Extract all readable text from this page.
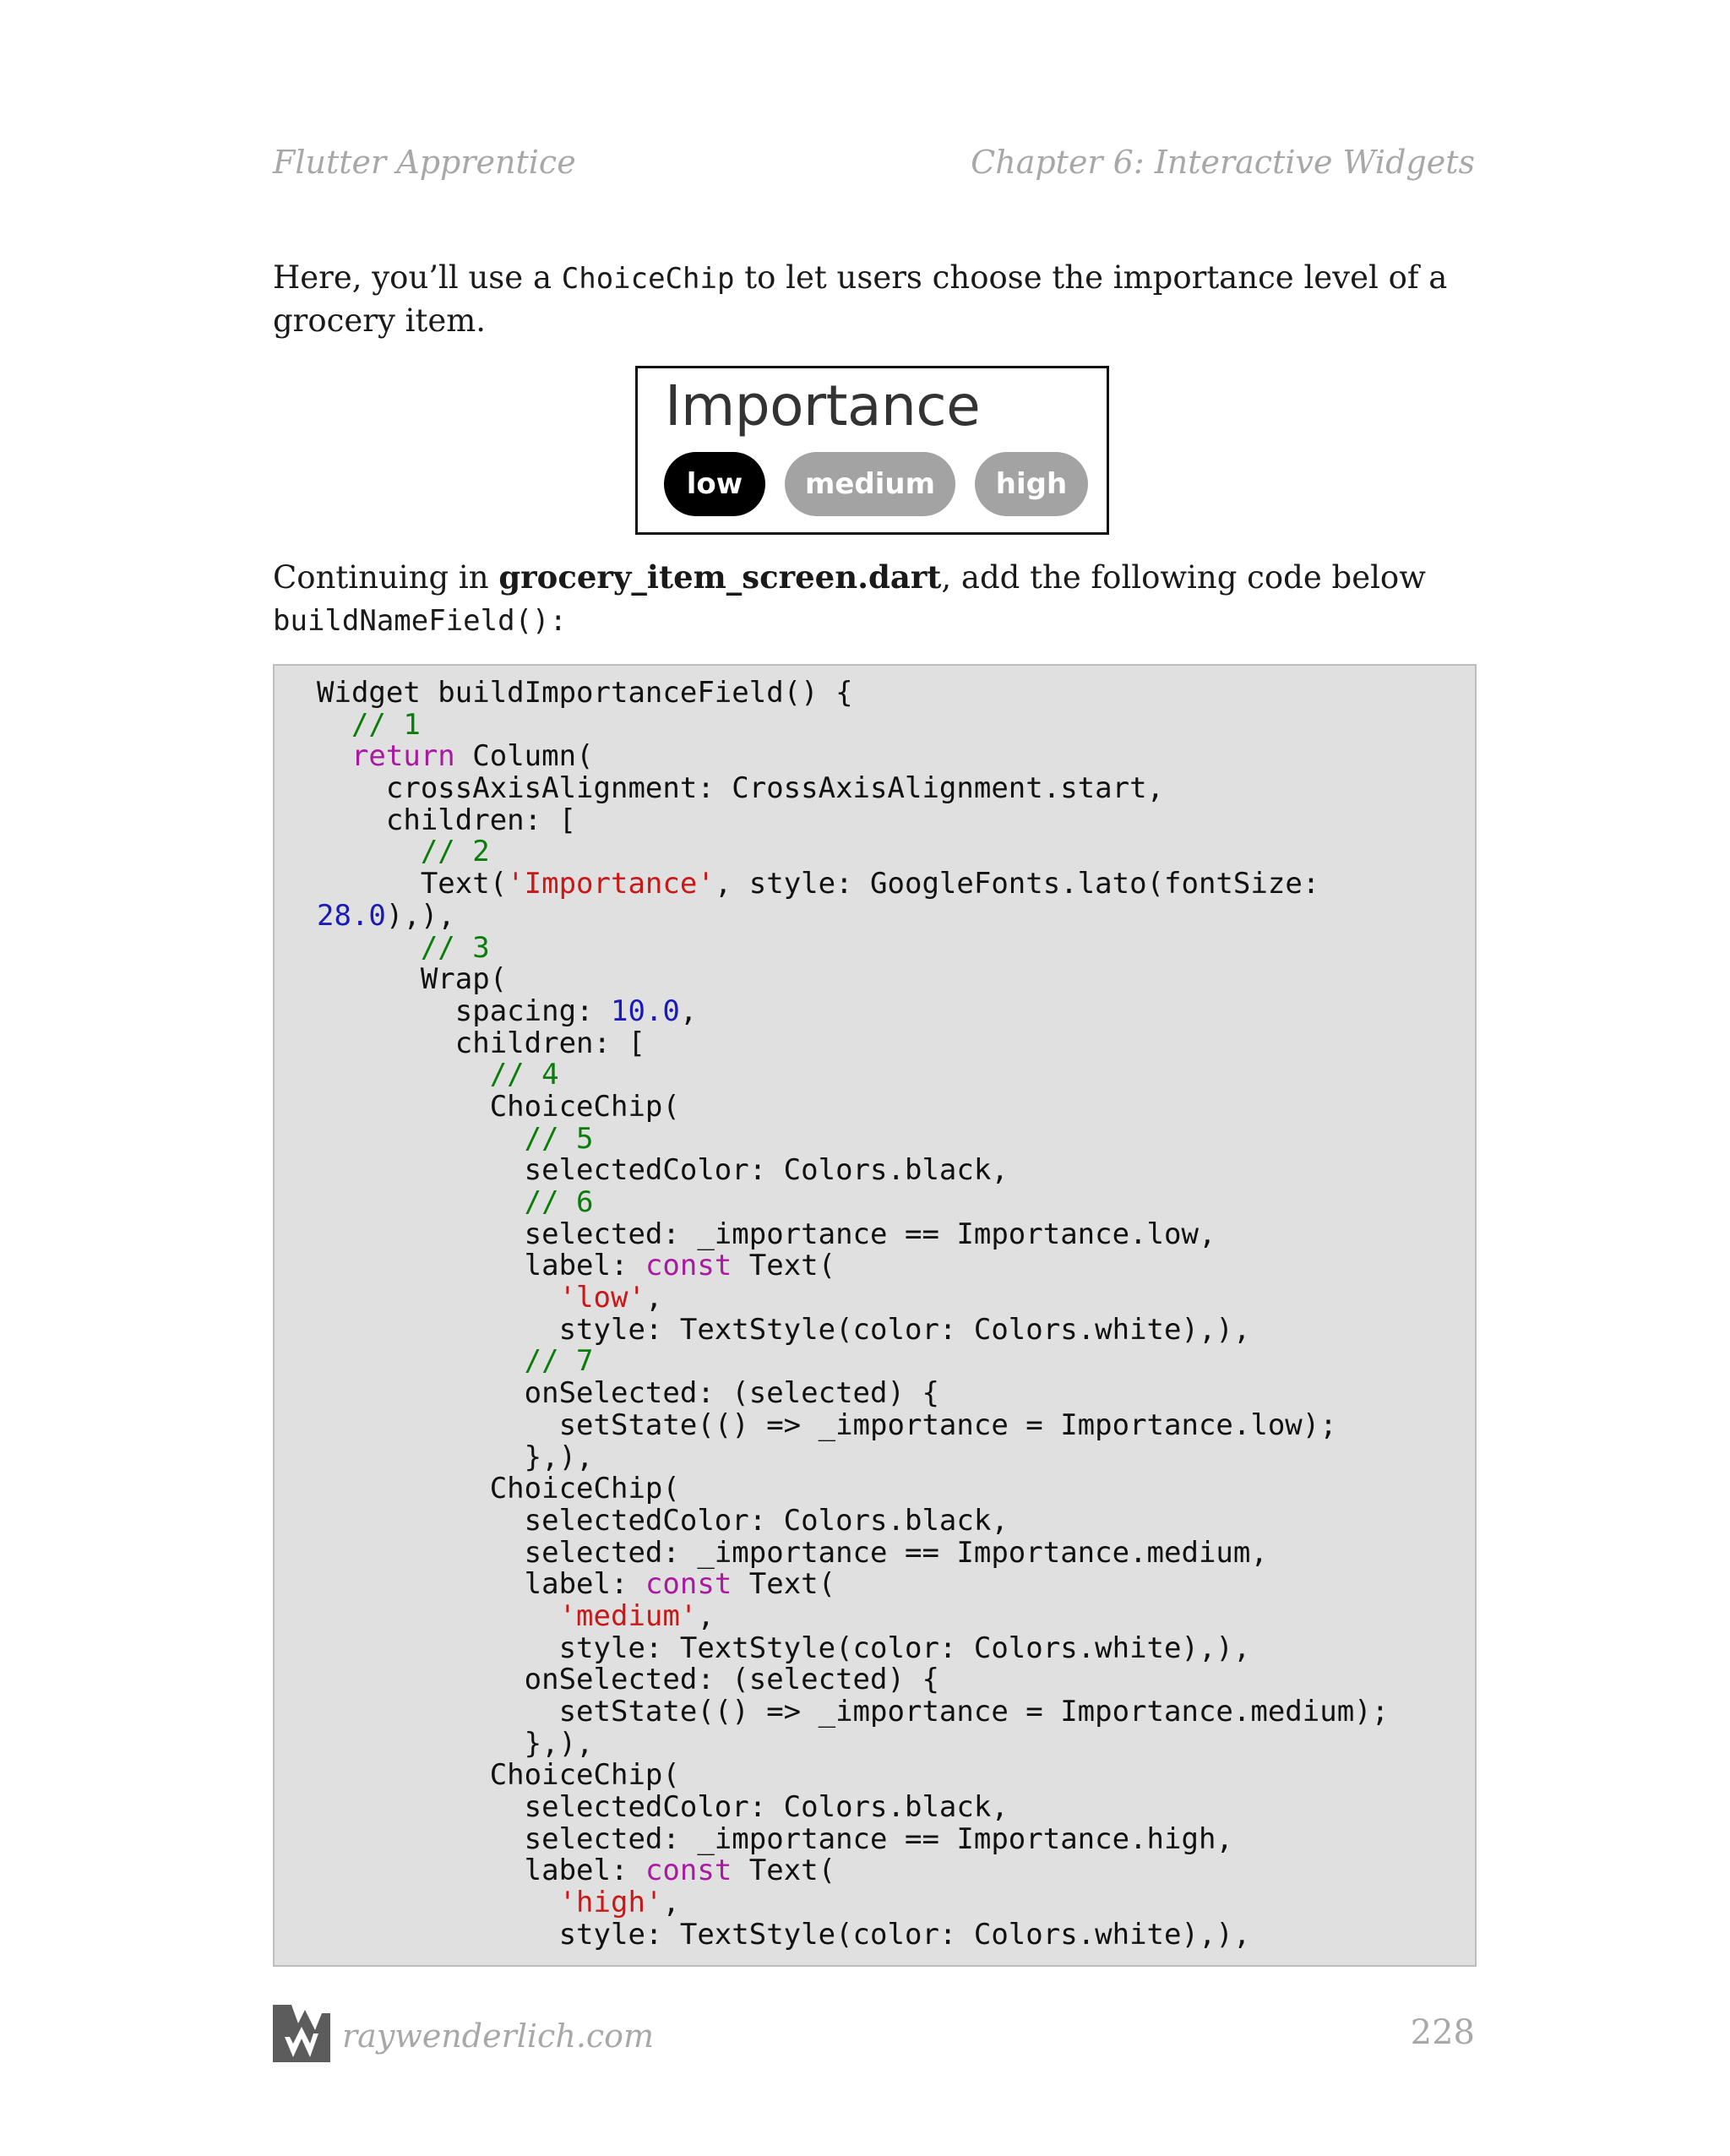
Flutter Apprentice	Chapter 6: Interactive Widgets

Here, you’ll use a ChoiceChip to let users choose the importance level of a grocery item.

Importance
low	medium	high

Continuing in grocery_item_screen.dart, add the following code below
buildNameField():

Widget buildImportanceField() {
// 1
return Column(
crossAxisAlignment: CrossAxisAlignment.start,
children: [
// 2
Text('Importance', style: GoogleFonts.lato(fontSize:
28.0),),
// 3
Wrap(
spacing: 10.0,
children: [
// 4
ChoiceChip(
// 5
selectedColor: Colors.black,
// 6
selected: _importance == Importance.low,
label: const Text(
'low',
style: TextStyle(color: Colors.white),),
// 7
onSelected: (selected) {
setState(() => _importance = Importance.low);
},),
ChoiceChip(
selectedColor: Colors.black,
selected: _importance == Importance.medium,
label: const Text(
'medium',
style: TextStyle(color: Colors.white),),
onSelected: (selected) {
setState(() => _importance = Importance.medium);
},),
ChoiceChip(
selectedColor: Colors.black,
selected: _importance == Importance.high,
label: const Text(
'high',
style: TextStyle(color: Colors.white),),
raywenderlich.com	228
